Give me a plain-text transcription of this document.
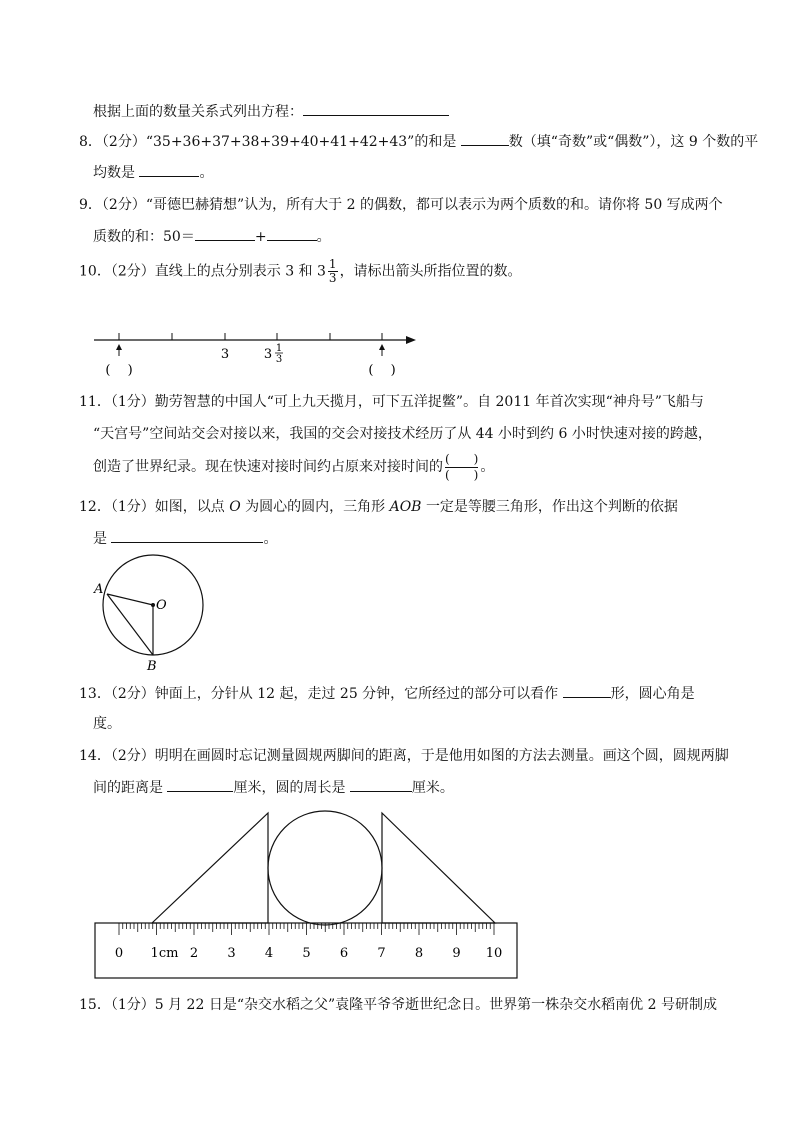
根据上面的数量关系式列出方程：
8．（2分）“35+36+37+38+39+40+41+42+43”的和是	数（填“奇数”或“偶数”），这 9 个数的平
均数是	。
9．（2分）“哥德巴赫猜想”认为，所有大于 2 的偶数，都可以表示为两个质数的和。请你将 50 写成两个
质数的和：50＝	+	。
10．（2分）直线上的点分别表示 3 和 $3 \frac{1}{3}$ ，请标出箭头所指位置的数。
3	3 1
3
(　 )	(　 )
11．（1分）勤劳智慧的中国人“可上九天揽月，可下五洋捉鳖”。自 2011 年首次实现“神舟号”飞船与
“天宫号”空间站交会对接以来，我国的交会对接技术经历了从 44 小时到约 6 小时快速对接的跨越，
创造了世界纪录。现在快速对接时间约占原来对接时间的
(　　)
(　　) 。
12．（1分）如图，以点 O 为圆心的圆内，三角形 AOB 一定是等腰三角形，作出这个判断的依据
是	。
A
O
B
13．（2分）钟面上，分针从 12 起，走过 25 分钟，它所经过的部分可以看作	形，圆心角是
度。
14．（2分）明明在画圆时忘记测量圆规两脚间的距离，于是他用如图的方法去测量。画这个圆，圆规两脚
间的距离是	厘米，圆的周长是	厘米。
0 1cm 2 3 4 5 6 7 8 9 10
15．（1分）5 月 22 日是“杂交水稻之父”袁隆平爷爷逝世纪念日。世界第一株杂交水稻南优 2 号研制成
